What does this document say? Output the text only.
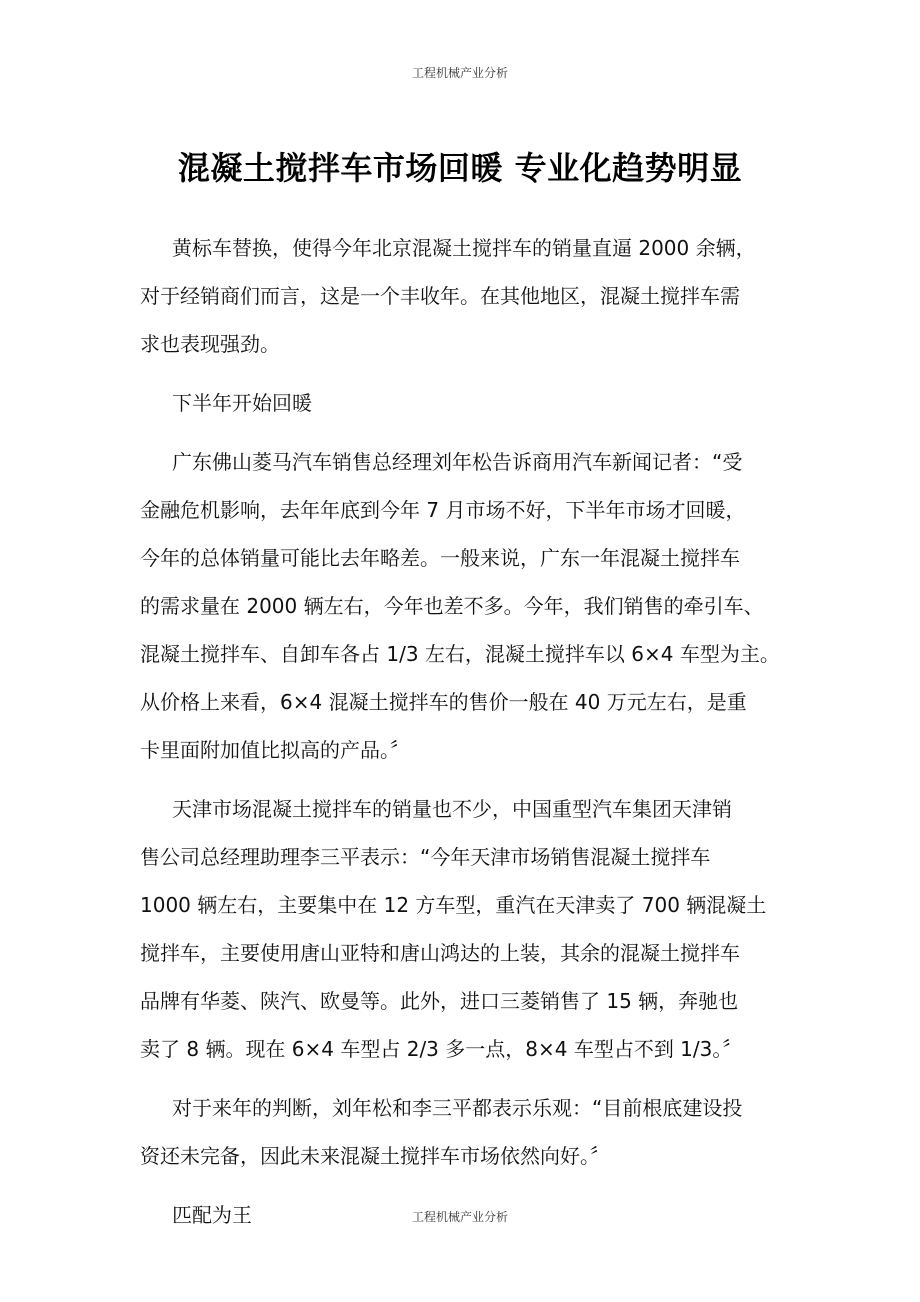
工程机械产业分析
混凝土搅拌车市场回暖 专业化趋势明显
黄标车替换，使得今年北京混凝土搅拌车的销量直逼 2000 余辆，
对于经销商们而言，这是一个丰收年。在其他地区，混凝土搅拌车需
求也表现强劲。
下半年开始回暖
广东佛山菱马汽车销售总经理刘年松告诉商用汽车新闻记者：“受
金融危机影响，去年年底到今年 7 月市场不好，下半年市场才回暖，
今年的总体销量可能比去年略差。一般来说，广东一年混凝土搅拌车
的需求量在 2000 辆左右，今年也差不多。今年，我们销售的牵引车、
混凝土搅拌车、自卸车各占 1/3 左右，混凝土搅拌车以 6×4 车型为主。
从价格上来看，6×4 混凝土搅拌车的售价一般在 40 万元左右，是重
卡里面附加值比拟高的产品。〞
天津市场混凝土搅拌车的销量也不少，中国重型汽车集团天津销
售公司总经理助理李三平表示：“今年天津市场销售混凝土搅拌车
1000 辆左右，主要集中在 12 方车型，重汽在天津卖了 700 辆混凝土
搅拌车，主要使用唐山亚特和唐山鸿达的上装，其余的混凝土搅拌车
品牌有华菱、陕汽、欧曼等。此外，进口三菱销售了 15 辆，奔驰也
卖了 8 辆。现在 6×4 车型占 2/3 多一点，8×4 车型占不到 1/3。〞
对于来年的判断，刘年松和李三平都表示乐观：“目前根底建设投
资还未完备，因此未来混凝土搅拌车市场依然向好。〞
匹配为王	工程机械产业分析
